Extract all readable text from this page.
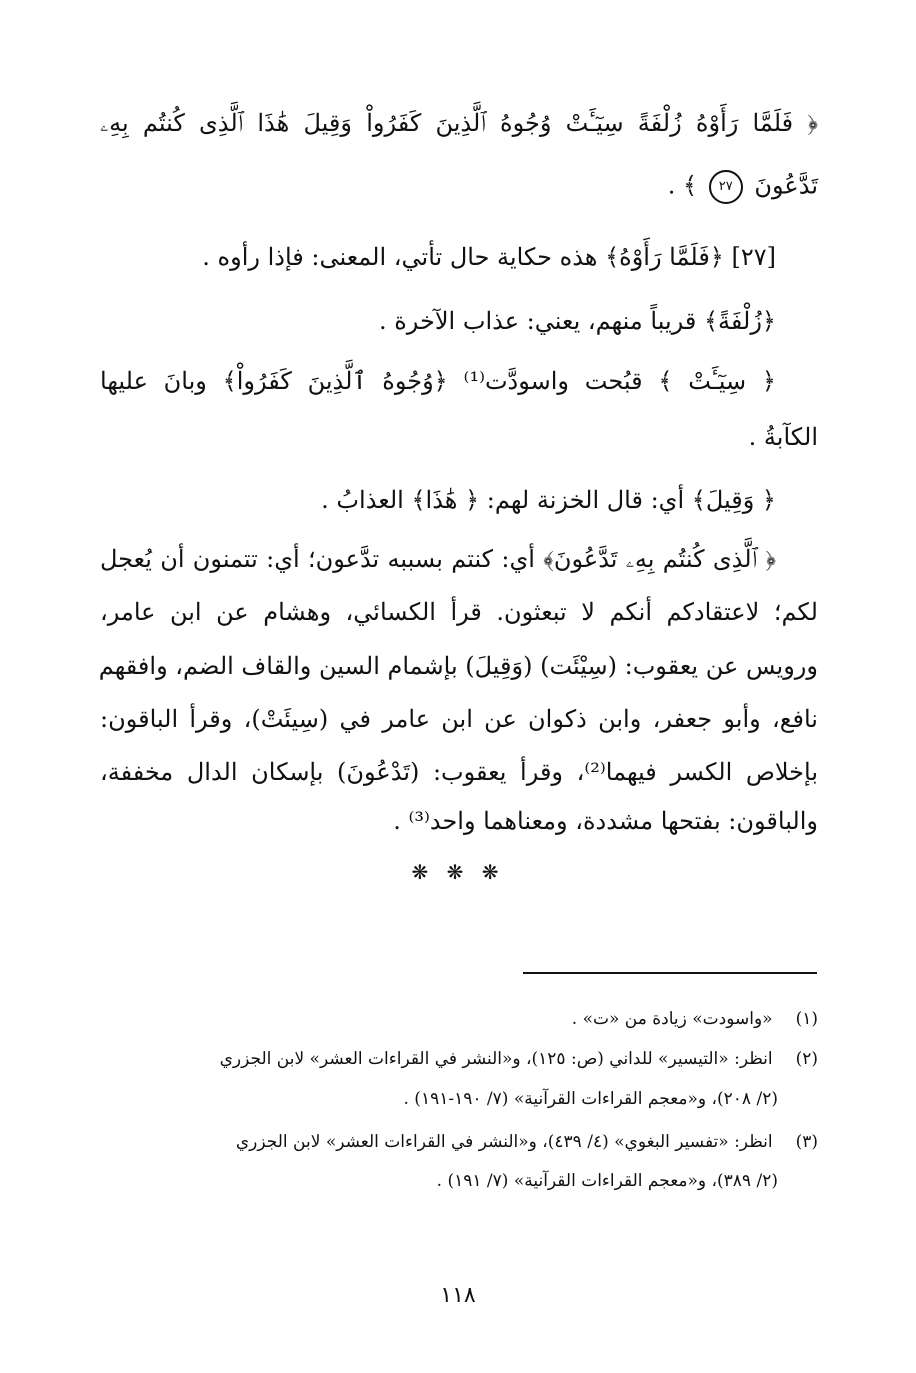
﴿ فَلَمَّا رَأَوْهُ زُلْفَةً سِيٓـَٔتْ وُجُوهُ ٱلَّذِينَ كَفَرُواْ وَقِيلَ هَٰذَا ٱلَّذِى كُنتُم بِهِۦ
تَدَّعُونَ ٢٧ ﴾ .
[٢٧] ﴿فَلَمَّا رَأَوْهُ﴾ هذه حكاية حال تأتي، المعنى: فإذا رأوه .
﴿زُلْفَةً﴾ قريباً منهم، يعني: عذاب الآخرة .
﴿ سِيٓـَٔتْ ﴾ قبُحت واسودَّت⁽¹⁾ ﴿وُجُوهُ ٱلَّذِينَ كَفَرُواْ﴾ وبانَ عليها
الكآبةُ .
﴿ وَقِيلَ﴾ أي: قال الخزنة لهم: ﴿ هَٰذَا﴾ العذابُ .
﴿ ٱلَّذِى كُنتُم بِهِۦ تَدَّعُونَ﴾ أي: كنتم بسببه تدَّعون؛ أي: تتمنون أن يُعجل
لكم؛ لاعتقادكم أنكم لا تبعثون. قرأ الكسائي، وهشام عن ابن عامر،
ورويس عن يعقوب: (سِيْئَت) (وَقِيلَ) بإشمام السين والقاف الضم، وافقهم
نافع، وأبو جعفر، وابن ذكوان عن ابن عامر في (سِيئَتْ)، وقرأ الباقون:
بإخلاص الكسر فيهما⁽²⁾، وقرأ يعقوب: (تَدْعُونَ) بإسكان الدال مخففة،
والباقون: بفتحها مشددة، ومعناهما واحد⁽³⁾ .
❋ ❋ ❋
(١) «واسودت» زيادة من «ت» .
(٢) انظر: «التيسير» للداني (ص: ١٢٥)، و«النشر في القراءات العشر» لابن الجزري
(٢/ ٢٠٨)، و«معجم القراءات القرآنية» (٧/ ١٩٠-١٩١) .
(٣) انظر: «تفسير البغوي» (٤/ ٤٣٩)، و«النشر في القراءات العشر» لابن الجزري
(٢/ ٣٨٩)، و«معجم القراءات القرآنية» (٧/ ١٩١) .
١١٨
